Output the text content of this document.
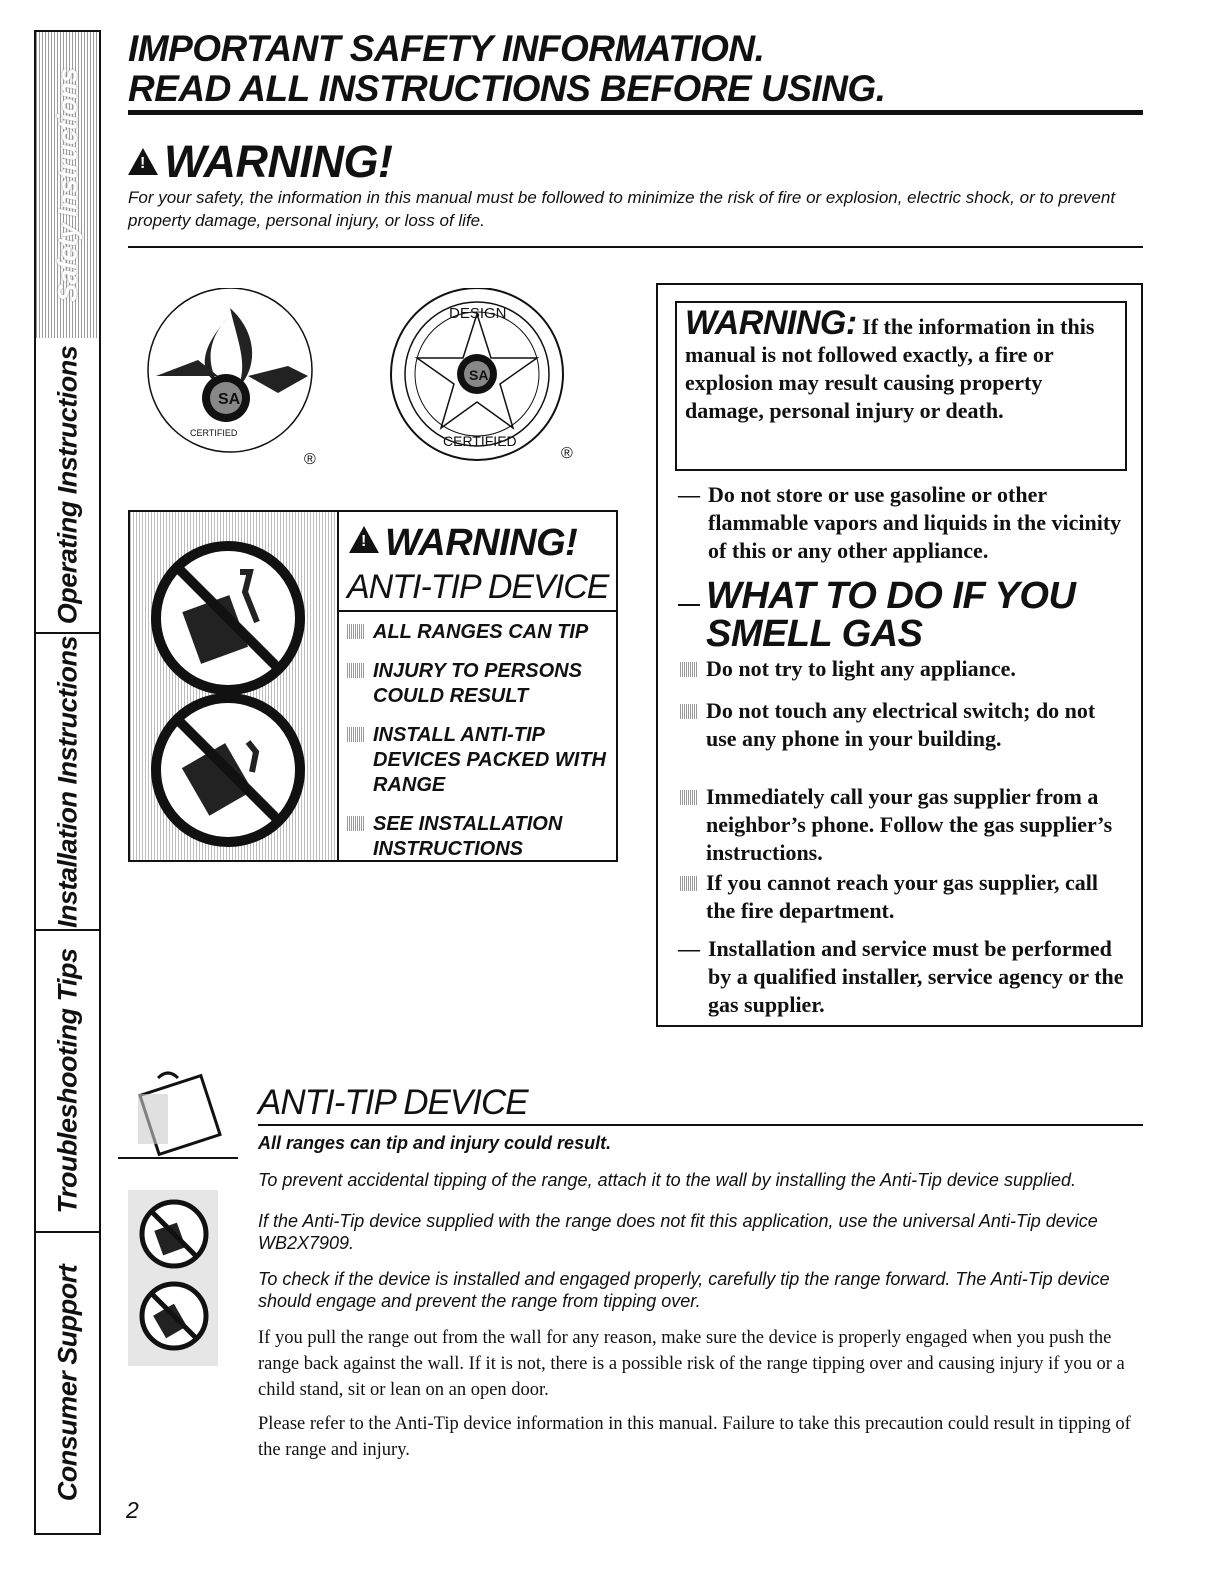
Safety Instructions
Operating Instructions
Installation Instructions
Troubleshooting Tips
Consumer Support
IMPORTANT SAFETY INFORMATION.
READ ALL INSTRUCTIONS BEFORE USING.
!WARNING!
For your safety, the information in this manual must be followed to minimize the risk of fire or explosion, electric shock, or to prevent property damage, personal injury, or loss of life.
SA
CERTIFIED
®
SA
DESIGN
CERTIFIED
®
!WARNING!
ANTI-TIP DEVICE
ALL RANGES CAN TIP
INJURY TO PERSONS
COULD RESULT
INSTALL ANTI-TIP
DEVICES PACKED WITH
RANGE
SEE INSTALLATION
INSTRUCTIONS
WARNING: If the information in this manual is not followed exactly, a fire or explosion may result causing property damage, personal injury or death.
— Do not store or use gasoline or other flammable vapors and liquids in the vicinity of this or any other appliance.
WHAT TO DO IF YOU
SMELL GAS
Do not try to light any appliance.
Do not touch any electrical switch; do not use any phone in your building.
Immediately call your gas supplier from a neighbor’s phone. Follow the gas supplier’s instructions.
If you cannot reach your gas supplier, call the fire department.
— Installation and service must be performed by a qualified installer, service agency or the gas supplier.
ANTI-TIP DEVICE
All ranges can tip and injury could result.
To prevent accidental tipping of the range, attach it to the wall by installing the Anti-Tip device supplied.
If the Anti-Tip device supplied with the range does not fit this application, use the universal Anti-Tip device WB2X7909.
To check if the device is installed and engaged properly, carefully tip the range forward. The Anti-Tip device should engage and prevent the range from tipping over.
If you pull the range out from the wall for any reason, make sure the device is properly engaged when you push the range back against the wall. If it is not, there is a possible risk of the range tipping over and causing injury if you or a child stand, sit or lean on an open door.
Please refer to the Anti-Tip device information in this manual. Failure to take this precaution could result in tipping of the range and injury.
2
